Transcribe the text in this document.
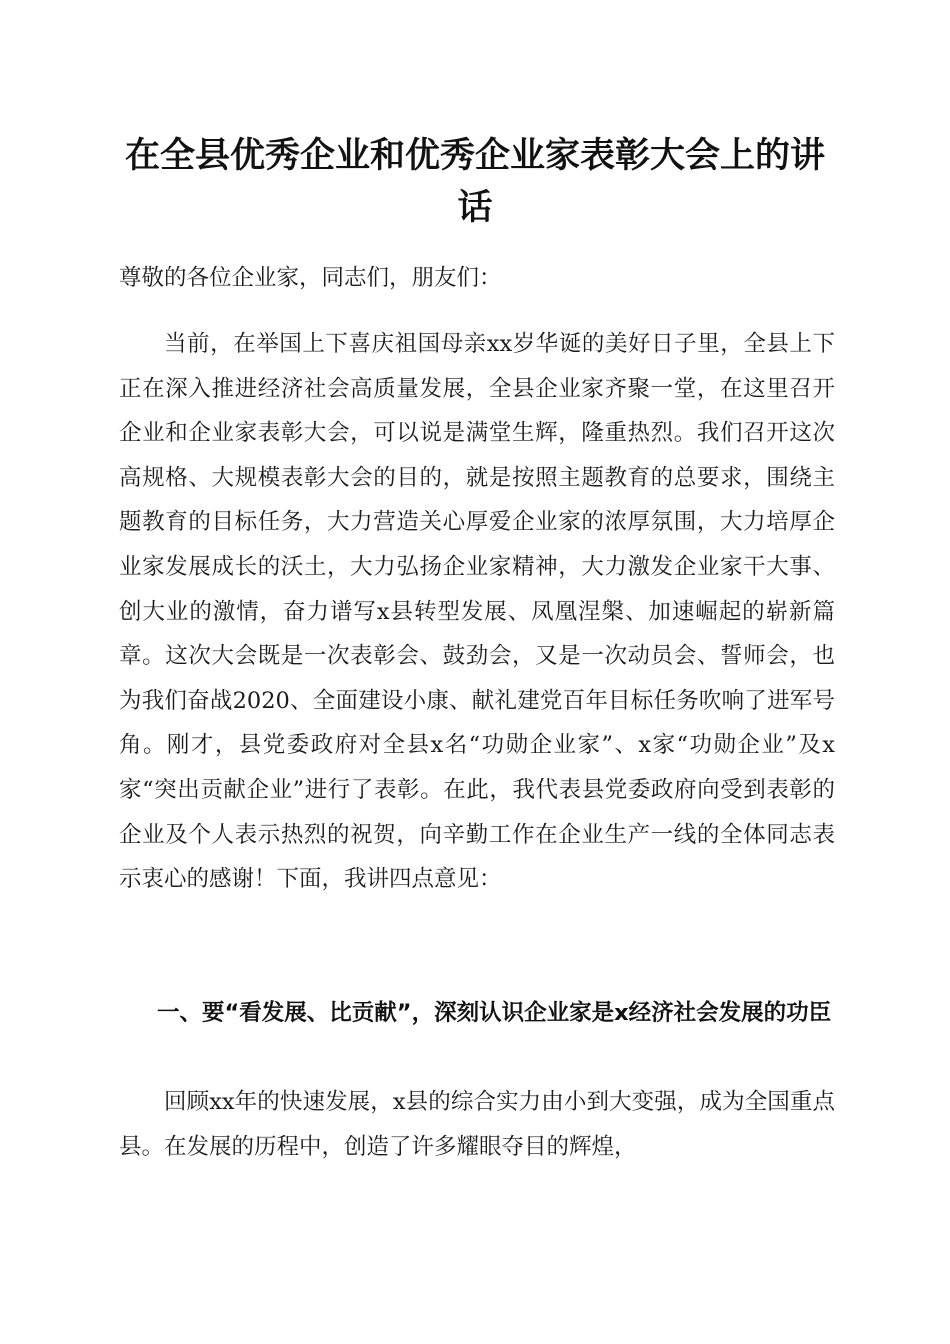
在全县优秀企业和优秀企业家表彰大会上的讲话

尊敬的各位企业家，同志们，朋友们：

当前，在举国上下喜庆祖国母亲xx岁华诞的美好日子里，全县上下正在深入推进经济社会高质量发展，全县企业家齐聚一堂，在这里召开企业和企业家表彰大会，可以说是满堂生辉，隆重热烈。我们召开这次高规格、大规模表彰大会的目的，就是按照主题教育的总要求，围绕主题教育的目标任务，大力营造关心厚爱企业家的浓厚氛围，大力培厚企业家发展成长的沃土，大力弘扬企业家精神，大力激发企业家干大事、创大业的激情，奋力谱写x县转型发展、凤凰涅槃、加速崛起的崭新篇章。这次大会既是一次表彰会、鼓劲会，又是一次动员会、誓师会，也为我们奋战2020、全面建设小康、献礼建党百年目标任务吹响了进军号角。刚才，县党委政府对全县x名“功勋企业家”、x家“功勋企业”及x家“突出贡献企业”进行了表彰。在此，我代表县党委政府向受到表彰的企业及个人表示热烈的祝贺，向辛勤工作在企业生产一线的全体同志表示衷心的感谢！下面，我讲四点意见：

一、要“看发展、比贡献”，深刻认识企业家是x经济社会发展的功臣

回顾xx年的快速发展，x县的综合实力由小到大变强，成为全国重点县。在发展的历程中，创造了许多耀眼夺目的辉煌，
